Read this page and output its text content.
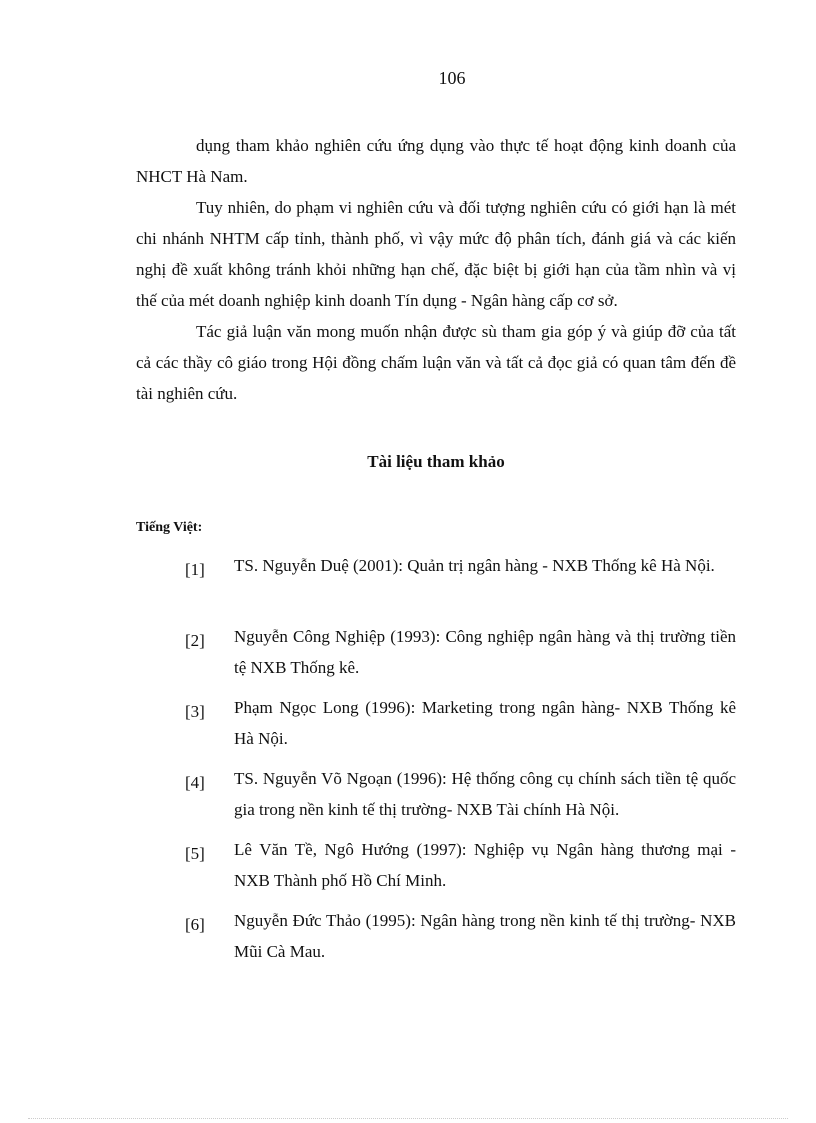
106

dụng tham khảo nghiên cứu ứng dụng vào thực tế hoạt động kinh doanh của NHCT Hà Nam.

Tuy nhiên, do phạm vi nghiên cứu và đối tượng nghiên cứu có giới hạn là mét chi nhánh NHTM cấp tỉnh, thành phố, vì vậy mức độ phân tích, đánh giá và các kiến nghị đề xuất không tránh khỏi những hạn chế, đặc biệt bị giới hạn của tầm nhìn và vị thế của mét doanh nghiệp kinh doanh Tín dụng - Ngân hàng cấp cơ sở.

Tác giả luận văn mong muốn nhận được sù tham gia góp ý và giúp đỡ của tất cả các thầy cô giáo trong Hội đồng chấm luận văn và tất cả đọc giả có quan tâm đến đề tài nghiên cứu.

Tài liệu tham khảo
Tiếng Việt:
[1] TS. Nguyễn Duệ (2001): Quản trị ngân hàng - NXB Thống kê Hà Nội.
[2] Nguyễn Công Nghiệp (1993): Công nghiệp ngân hàng và thị trường tiền tệ NXB Thống kê.
[3] Phạm Ngọc Long (1996): Marketing trong ngân hàng- NXB Thống kê Hà Nội.
[4] TS. Nguyễn Võ Ngoạn (1996): Hệ thống công cụ chính sách tiền tệ quốc gia trong nền kinh tế thị trường- NXB Tài chính Hà Nội.
[5] Lê Văn Tề, Ngô Hướng (1997): Nghiệp vụ Ngân hàng thương mại - NXB Thành phố Hồ Chí Minh.
[6] Nguyễn Đức Thảo (1995): Ngân hàng trong nền kinh tế thị trường- NXB Mũi Cà Mau.
